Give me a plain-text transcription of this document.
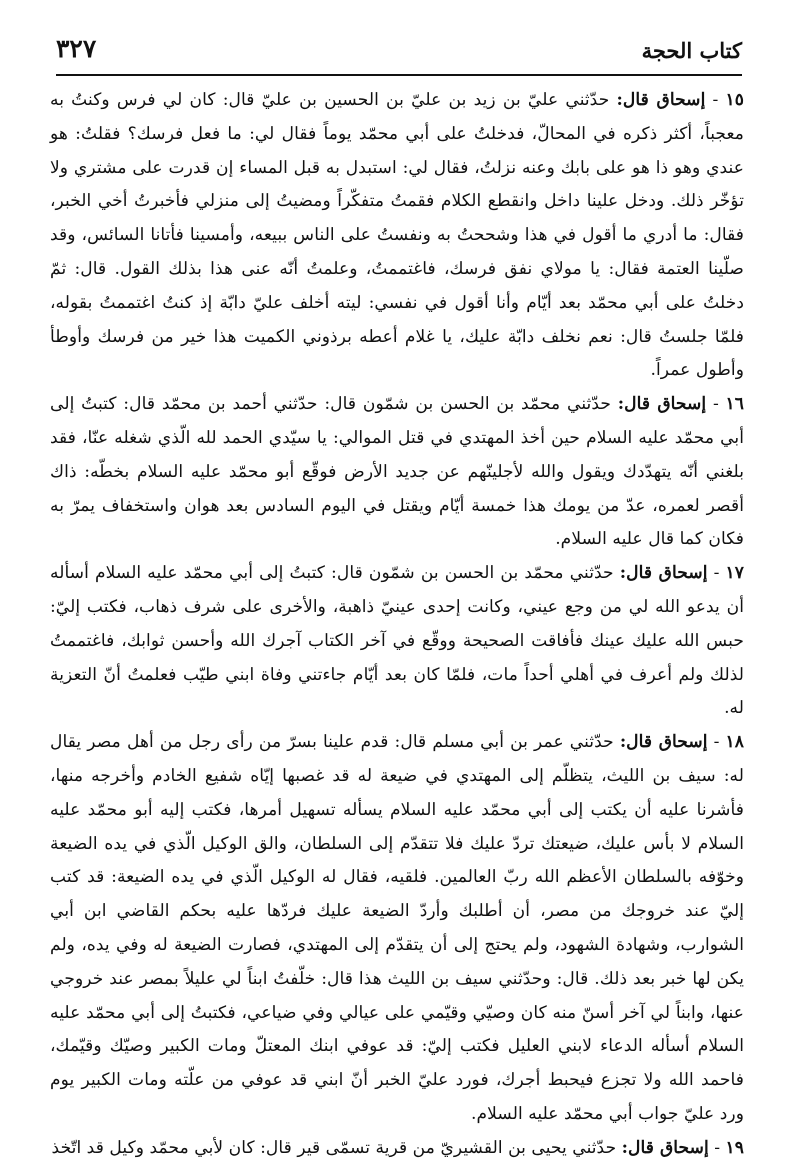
كتاب الحجة
٣٢٧

١٥ - إسحاق قال: حدّثني عليّ بن زيد بن عليّ بن الحسين بن عليّ قال: كان لي فرس وكنتُ به معجباً، أكثر ذكره في المحالّ، فدخلتُ على أبي محمّد يوماً فقال لي: ما فعل فرسك؟ فقلتُ: هو عندي وهو ذا هو على بابك وعنه نزلتُ، فقال لي: استبدل به قبل المساء إن قدرت على مشتري ولا تؤخّر ذلك. ودخل علينا داخل وانقطع الكلام فقمتُ متفكّراً ومضيتُ إلى منزلي فأخبرتُ أخي الخبر، فقال: ما أدري ما أقول في هذا وشححتُ به ونفستُ على الناس ببيعه، وأمسينا فأتانا السائس، وقد صلّينا العتمة فقال: يا مولاي نفق فرسك، فاغتممتُ، وعلمتُ أنّه عنى هذا بذلك القول. قال: ثمّ دخلتُ على أبي محمّد بعد أيّام وأنا أقول في نفسي: ليته أخلف عليّ دابّة إذ كنتُ اغتممتُ بقوله، فلمّا جلستُ قال: نعم نخلف دابّة عليك، يا غلام أعطه برذوني الكميت هذا خير من فرسك وأوطأ وأطول عمراً.

١٦ - إسحاق قال: حدّثني محمّد بن الحسن بن شمّون قال: حدّثني أحمد بن محمّد قال: كتبتُ إلى أبي محمّد عليه السلام حين أخذ المهتدي في قتل الموالي: يا سيّدي الحمد لله الّذي شغله عنّا، فقد بلغني أنّه يتهدّدك ويقول والله لأجلينّهم عن جديد الأرض فوقّع أبو محمّد عليه السلام بخطّه: ذاك أقصر لعمره، عدّ من يومك هذا خمسة أيّام ويقتل في اليوم السادس بعد هوان واستخفاف يمرّ به فكان كما قال عليه السلام.

١٧ - إسحاق قال: حدّثني محمّد بن الحسن بن شمّون قال: كتبتُ إلى أبي محمّد عليه السلام أسأله أن يدعو الله لي من وجع عيني، وكانت إحدى عينيّ ذاهبة، والأخرى على شرف ذهاب، فكتب إليّ: حبس الله عليك عينك فأفاقت الصحيحة ووقّع في آخر الكتاب آجرك الله وأحسن ثوابك، فاغتممتُ لذلك ولم أعرف في أهلي أحداً مات، فلمّا كان بعد أيّام جاءتني وفاة ابني طيّب فعلمتُ أنّ التعزية له.

١٨ - إسحاق قال: حدّثني عمر بن أبي مسلم قال: قدم علينا بسرّ من رأى رجل من أهل مصر يقال له: سيف بن الليث، يتظلّم إلى المهتدي في ضيعة له قد غصبها إيّاه شفيع الخادم وأخرجه منها، فأشرنا عليه أن يكتب إلى أبي محمّد عليه السلام يسأله تسهيل أمرها، فكتب إليه أبو محمّد عليه السلام لا بأس عليك، ضيعتك تردّ عليك فلا تتقدّم إلى السلطان، والق الوكيل الّذي في يده الضيعة وخوّفه بالسلطان الأعظم الله ربّ العالمين. فلقيه، فقال له الوكيل الّذي في يده الضيعة: قد كتب إليّ عند خروجك من مصر، أن أطلبك وأردّ الضيعة عليك فردّها عليه بحكم القاضي ابن أبي الشوارب، وشهادة الشهود، ولم يحتج إلى أن يتقدّم إلى المهتدي، فصارت الضيعة له وفي يده، ولم يكن لها خبر بعد ذلك. قال: وحدّثني سيف بن الليث هذا قال: خلّفتُ ابناً لي عليلاً بمصر عند خروجي عنها، وابناً لي آخر أسنّ منه كان وصيّي وقيّمي على عيالي وفي ضياعي، فكتبتُ إلى أبي محمّد عليه السلام أسأله الدعاء لابني العليل فكتب إليّ: قد عوفي ابنك المعتلّ ومات الكبير وصيّك وقيّمك، فاحمد الله ولا تجزع فيحبط أجرك، فورد عليّ الخبر أنّ ابني قد عوفي من علّته ومات الكبير يوم ورد عليّ جواب أبي محمّد عليه السلام.

١٩ - إسحاق قال: حدّثني يحيى بن القشيريّ من قرية تسمّى قير قال: كان لأبي محمّد وكيل قد اتّخذ
